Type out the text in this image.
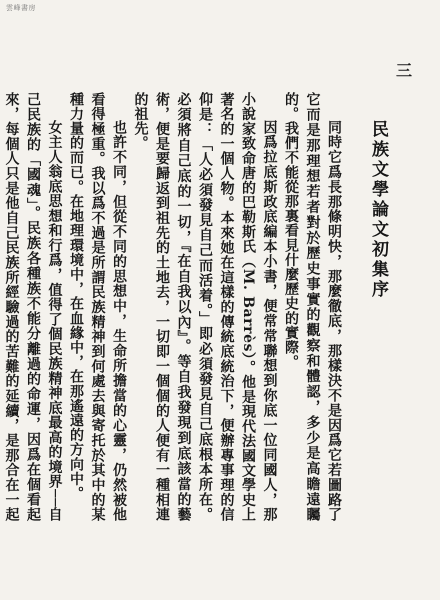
雲峰書房
三
民族文學論文初集序

同時它爲長那條明快，那麼徹底，那樣決不是因爲它若圖路了它而是那理想若者對於歷史事實的觀察和體認，多少是高瞻遠矚的。我們不能從那裏看見什麼歷史的實際。

因爲拉底斯政底編本小書，便常常聯想到你底一位同國人，那小說家致命唐的巴勒斯氏（M. Barrès）。他是現代法國文學史上著名的一個人物。本來她在這樣的傳統底統治下，便辦專事理的信仰是：「人必須發見自己而活着。」即必須發見自己底根本所在。必須將自己底的一切，『在自我以內』。等自我發現到底該當的藝術，便是要歸返到祖先的土地去，一切即一個個的人便有一種相連的祖先。

也許不同，但從不同的思想中，生命所擔當的心靈，仍然被他看得極重。我以爲不過是所謂民族精神到何處去與寄托於其中的某種力量的而已。在地理環境中，在血緣中，在那遙遠的方向中。

女主人翁底思想和行爲，值得了個民族精神底最高的境界──自己民族的「國魂」。民族各種族不能分離過的命運，因爲在個看起來，每個人只是他自己民族所經驗過的苦難的延續，是那合在一起
